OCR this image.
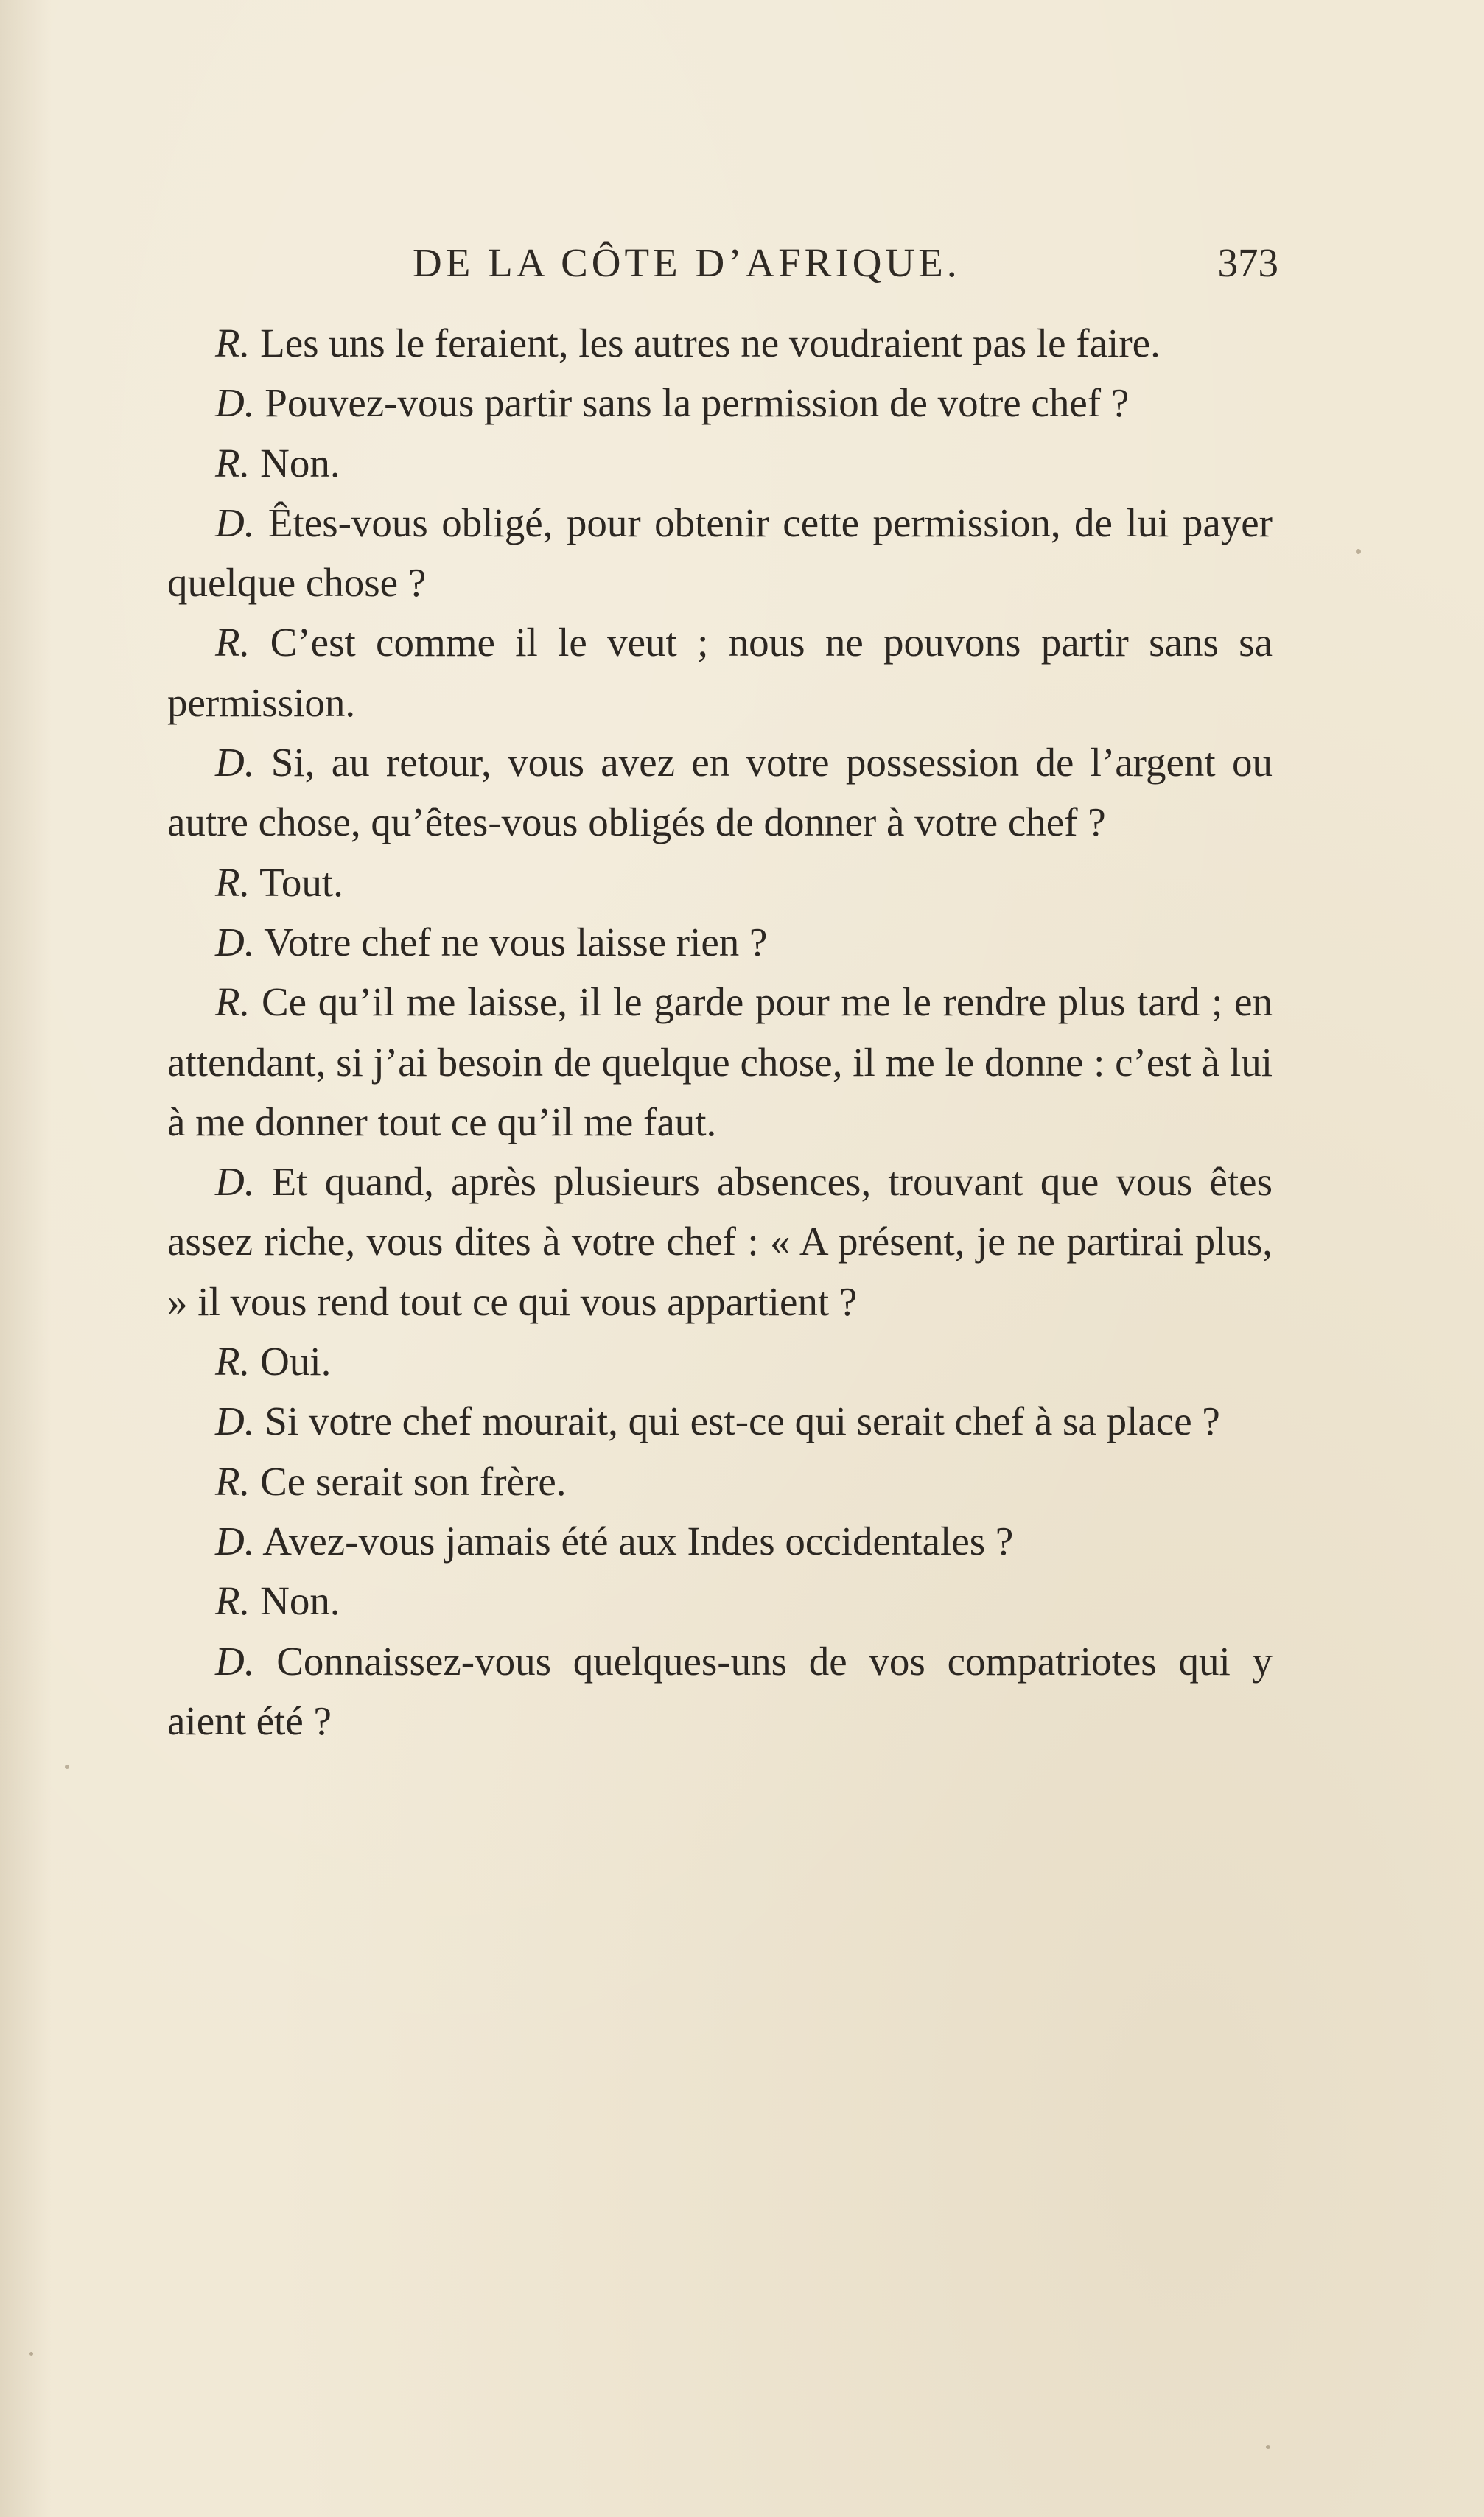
DE LA CÔTE D’AFRIQUE.	373

R. Les uns le feraient, les autres ne voudraient pas le faire.

D. Pouvez-vous partir sans la permission de votre chef ?

R. Non.

D. Êtes-vous obligé, pour obtenir cette permission, de lui payer quelque chose ?

R. C’est comme il le veut ; nous ne pouvons partir sans sa permission.

D. Si, au retour, vous avez en votre possession de l’argent ou autre chose, qu’êtes-vous obligés de donner à votre chef ?

R. Tout.

D. Votre chef ne vous laisse rien ?

R. Ce qu’il me laisse, il le garde pour me le rendre plus tard ; en attendant, si j’ai besoin de quelque chose, il me le donne : c’est à lui à me donner tout ce qu’il me faut.

D. Et quand, après plusieurs absences, trouvant que vous êtes assez riche, vous dites à votre chef : « A présent, je ne partirai plus, » il vous rend tout ce qui vous appartient ?

R. Oui.

D. Si votre chef mourait, qui est-ce qui serait chef à sa place ?

R. Ce serait son frère.

D. Avez-vous jamais été aux Indes occidentales ?

R. Non.

D. Connaissez-vous quelques-uns de vos compatriotes qui y aient été ?
